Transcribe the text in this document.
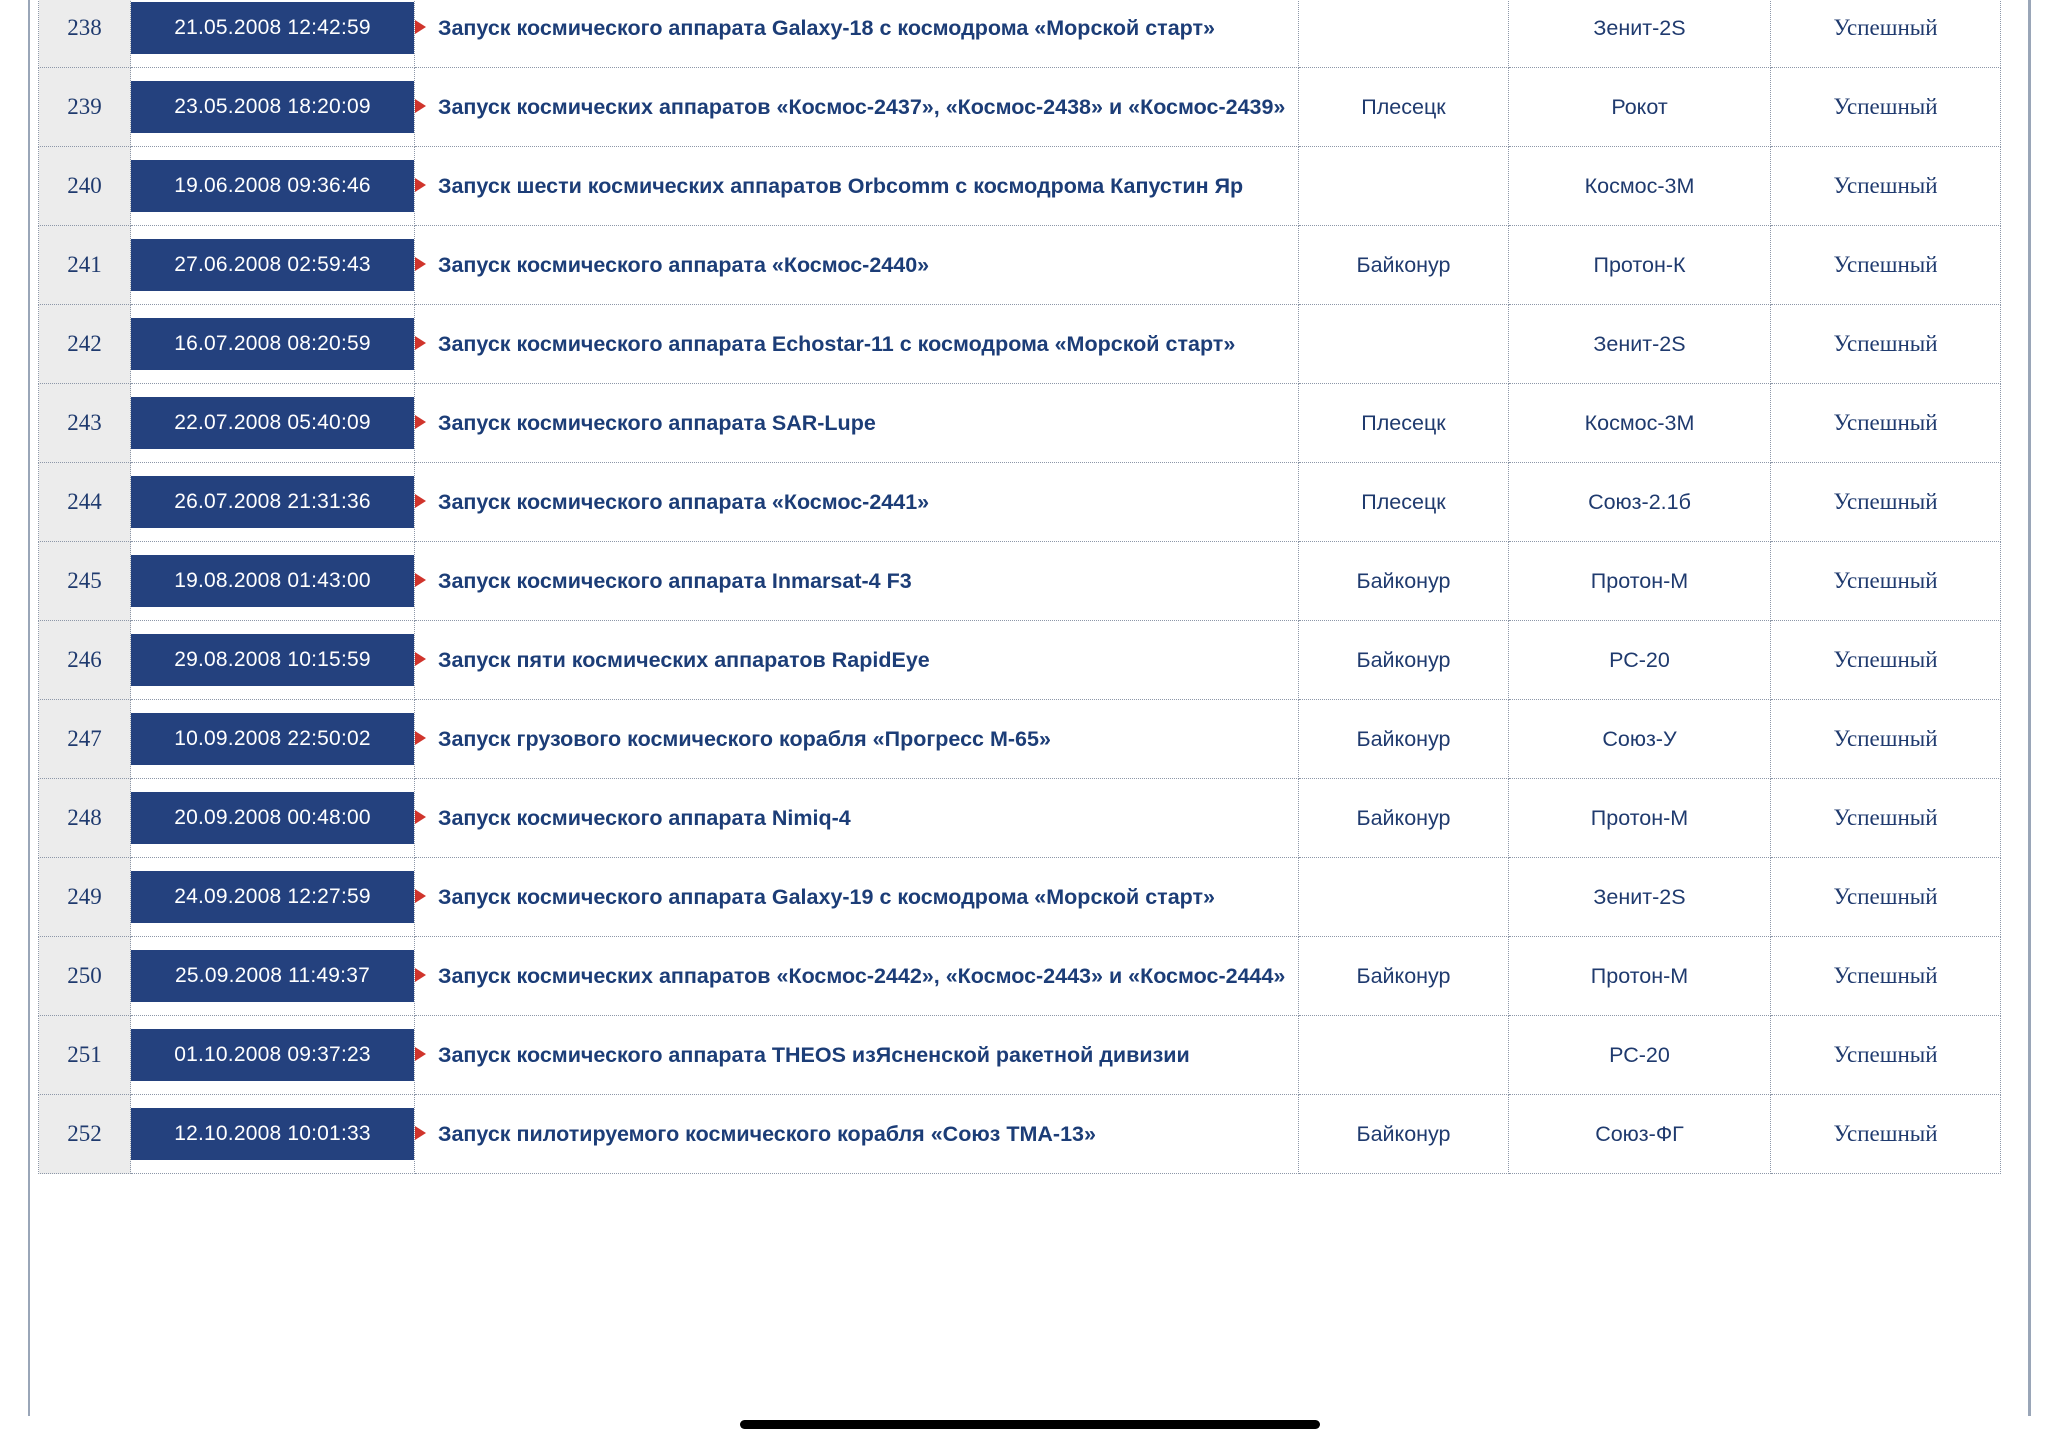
238	21.05.2008 12:42:59	Запуск космического аппарата Galaxy-18 с космодрома «Морской старт»		Зенит-2S	Успешный
239	23.05.2008 18:20:09	Запуск космических аппаратов «Космос-2437», «Космос-2438» и «Космос-2439»	Плесецк	Рокот	Успешный
240	19.06.2008 09:36:46	Запуск шести космических аппаратов Orbcomm с космодрома Капустин Яр		Космос-3М	Успешный
241	27.06.2008 02:59:43	Запуск космического аппарата «Космос-2440»	Байконур	Протон-К	Успешный
242	16.07.2008 08:20:59	Запуск космического аппарата Echostar-11 с космодрома «Морской старт»		Зенит-2S	Успешный
243	22.07.2008 05:40:09	Запуск космического аппарата SAR-Lupe	Плесецк	Космос-3М	Успешный
244	26.07.2008 21:31:36	Запуск космического аппарата «Космос-2441»	Плесецк	Союз-2.1б	Успешный
245	19.08.2008 01:43:00	Запуск космического аппарата Inmarsat-4 F3	Байконур	Протон-М	Успешный
246	29.08.2008 10:15:59	Запуск пяти космических аппаратов RapidEye	Байконур	РС-20	Успешный
247	10.09.2008 22:50:02	Запуск грузового космического корабля «Прогресс М-65»	Байконур	Союз-У	Успешный
248	20.09.2008 00:48:00	Запуск космического аппарата Nimiq-4	Байконур	Протон-М	Успешный
249	24.09.2008 12:27:59	Запуск космического аппарата Galaxy-19 с космодрома «Морской старт»		Зенит-2S	Успешный
250	25.09.2008 11:49:37	Запуск космических аппаратов «Космос-2442», «Космос-2443» и «Космос-2444»	Байконур	Протон-М	Успешный
251	01.10.2008 09:37:23	Запуск космического аппарата THEOS изЯсненской ракетной дивизии		РС-20	Успешный
252	12.10.2008 10:01:33	Запуск пилотируемого космического корабля «Союз ТМА-13»	Байконур	Союз-ФГ	Успешный
